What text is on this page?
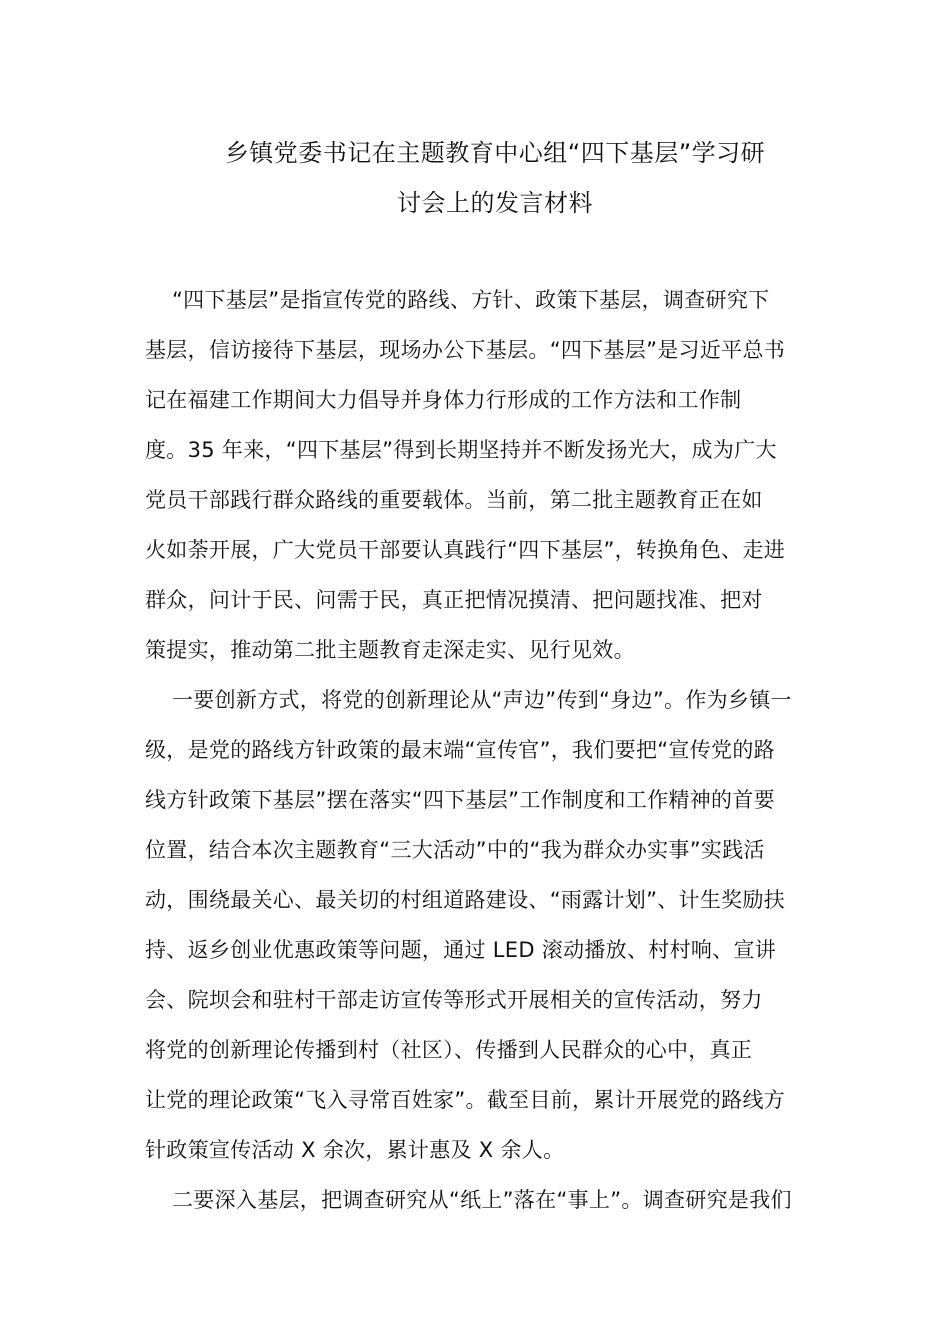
乡镇党委书记在主题教育中心组“四下基层”学习研
讨会上的发言材料
“四下基层”是指宣传党的路线、方针、政策下基层，调查研究下
基层，信访接待下基层，现场办公下基层。“四下基层”是习近平总书
记在福建工作期间大力倡导并身体力行形成的工作方法和工作制
度。35 年来，“四下基层”得到长期坚持并不断发扬光大，成为广大
党员干部践行群众路线的重要载体。当前，第二批主题教育正在如
火如荼开展，广大党员干部要认真践行“四下基层”，转换角色、走进
群众，问计于民、问需于民，真正把情况摸清、把问题找准、把对
策提实，推动第二批主题教育走深走实、见行见效。
一要创新方式，将党的创新理论从“声边”传到“身边”。作为乡镇一
级，是党的路线方针政策的最末端“宣传官”，我们要把“宣传党的路
线方针政策下基层”摆在落实“四下基层”工作制度和工作精神的首要
位置，结合本次主题教育“三大活动”中的“我为群众办实事”实践活
动，围绕最关心、最关切的村组道路建设、“雨露计划”、计生奖励扶
持、返乡创业优惠政策等问题，通过 LED 滚动播放、村村响、宣讲
会、院坝会和驻村干部走访宣传等形式开展相关的宣传活动，努力
将党的创新理论传播到村（社区）、传播到人民群众的心中，真正
让党的理论政策“飞入寻常百姓家”。截至目前，累计开展党的路线方
针政策宣传活动 X 余次，累计惠及 X 余人。
二要深入基层，把调查研究从“纸上”落在“事上”。调查研究是我们
